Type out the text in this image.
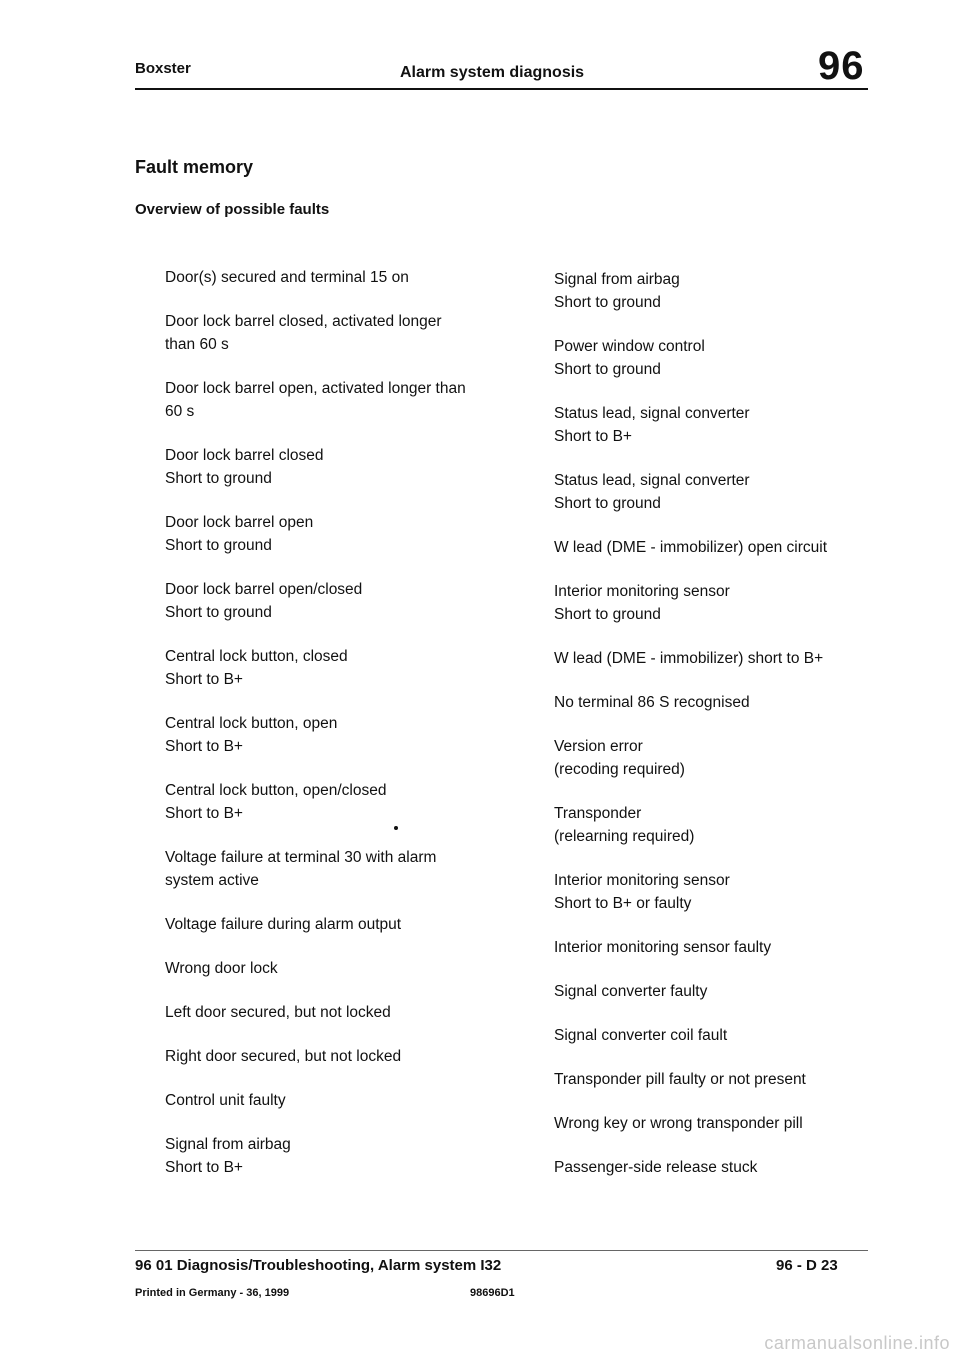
Boxster	Alarm system diagnosis	96
Fault memory
Overview of possible faults
Door(s) secured and terminal 15 on
Door lock barrel closed, activated longer
than 60 s
Door lock barrel open, activated longer than
60 s
Door lock barrel closed
Short to ground
Door lock barrel open
Short to ground
Door lock barrel open/closed
Short to ground
Central lock button, closed
Short to B+
Central lock button, open
Short to B+
Central lock button, open/closed
Short to B+
Voltage failure at terminal 30 with alarm
system active
Voltage failure during alarm output
Wrong door lock
Left door secured, but not locked
Right door secured, but not locked
Control unit faulty
Signal from airbag
Short to B+
Signal from airbag
Short to ground
Power window control
Short to ground
Status lead, signal converter
Short to B+
Status lead, signal converter
Short to ground
W lead (DME - immobilizer) open circuit
Interior monitoring sensor
Short to ground
W lead (DME - immobilizer) short to B+
No terminal 86 S recognised
Version error
(recoding required)
Transponder
(relearning required)
Interior monitoring sensor
Short to B+ or faulty
Interior monitoring sensor faulty
Signal converter faulty
Signal converter coil fault
Transponder pill faulty or not present
Wrong key or wrong transponder pill
Passenger-side release stuck
96 01 Diagnosis/Troubleshooting, Alarm system I32	96 - D 23
Printed in Germany - 36, 1999	98696D1
carmanualsonline.info
